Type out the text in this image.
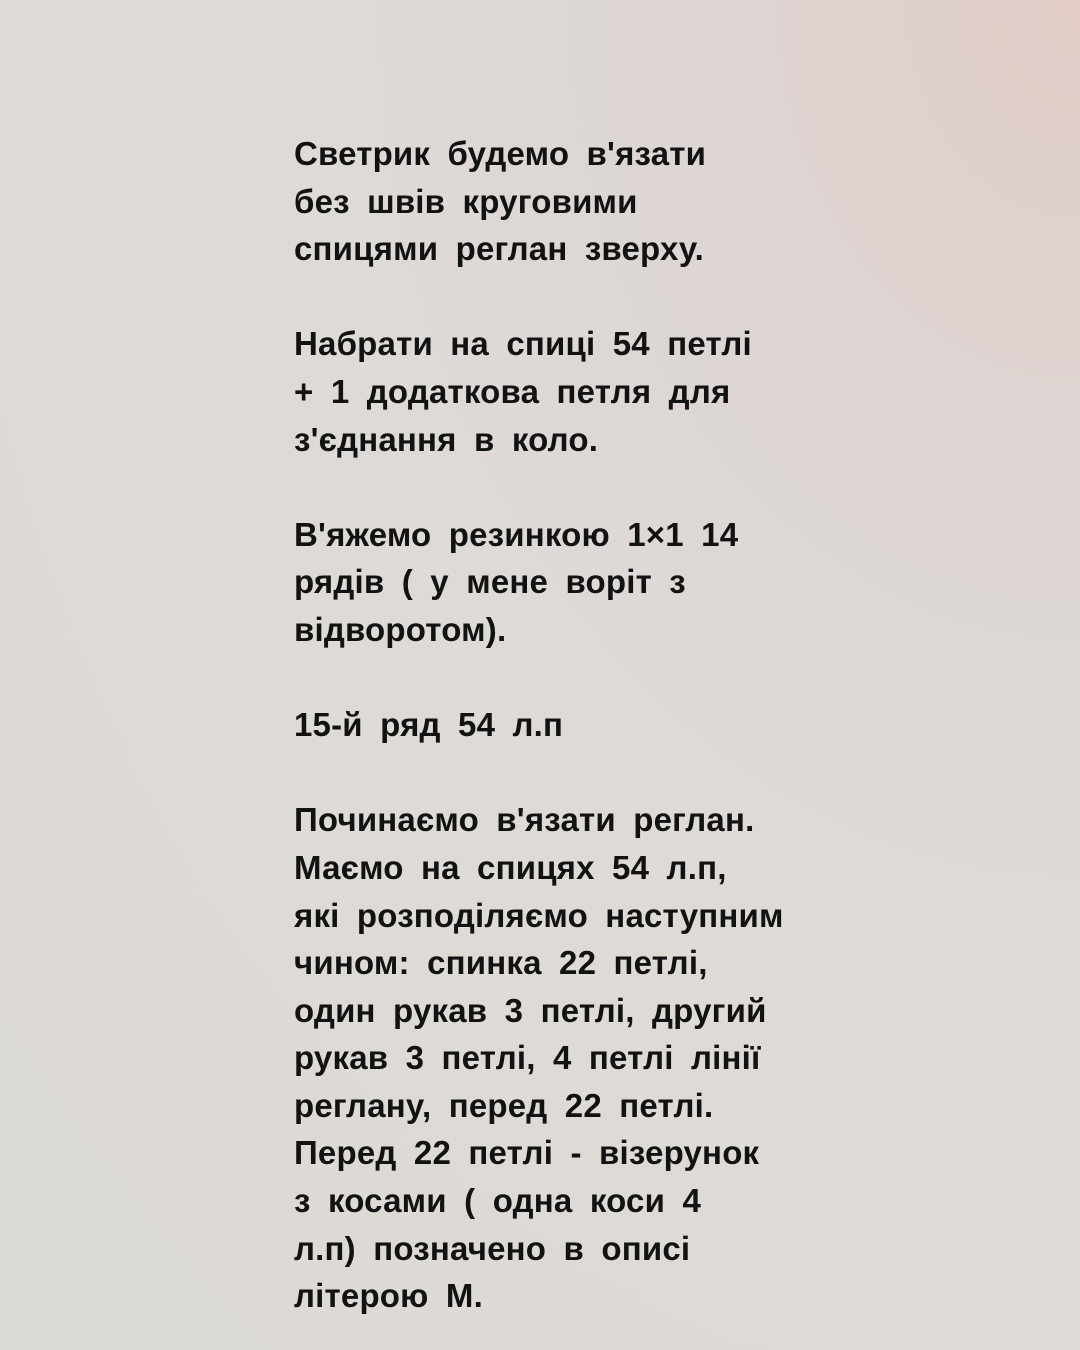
Светрик будемо в'язати
без швів круговими
спицями реглан зверху.

Набрати на спиці 54 петлі
+ 1 додаткова петля для
з'єднання в коло.

В'яжемо резинкою 1×1 14
рядів ( у мене воріт з
відворотом).

15-й ряд 54 л.п

Починаємо в'язати реглан.
Маємо на спицях 54 л.п,
які розподіляємо наступним
чином: спинка 22 петлі,
один рукав 3 петлі, другий
рукав 3 петлі, 4 петлі лінії
реглану, перед 22 петлі.
Перед 22 петлі - візерунок
з косами ( одна коси 4
л.п) позначено в описі
літерою М.
